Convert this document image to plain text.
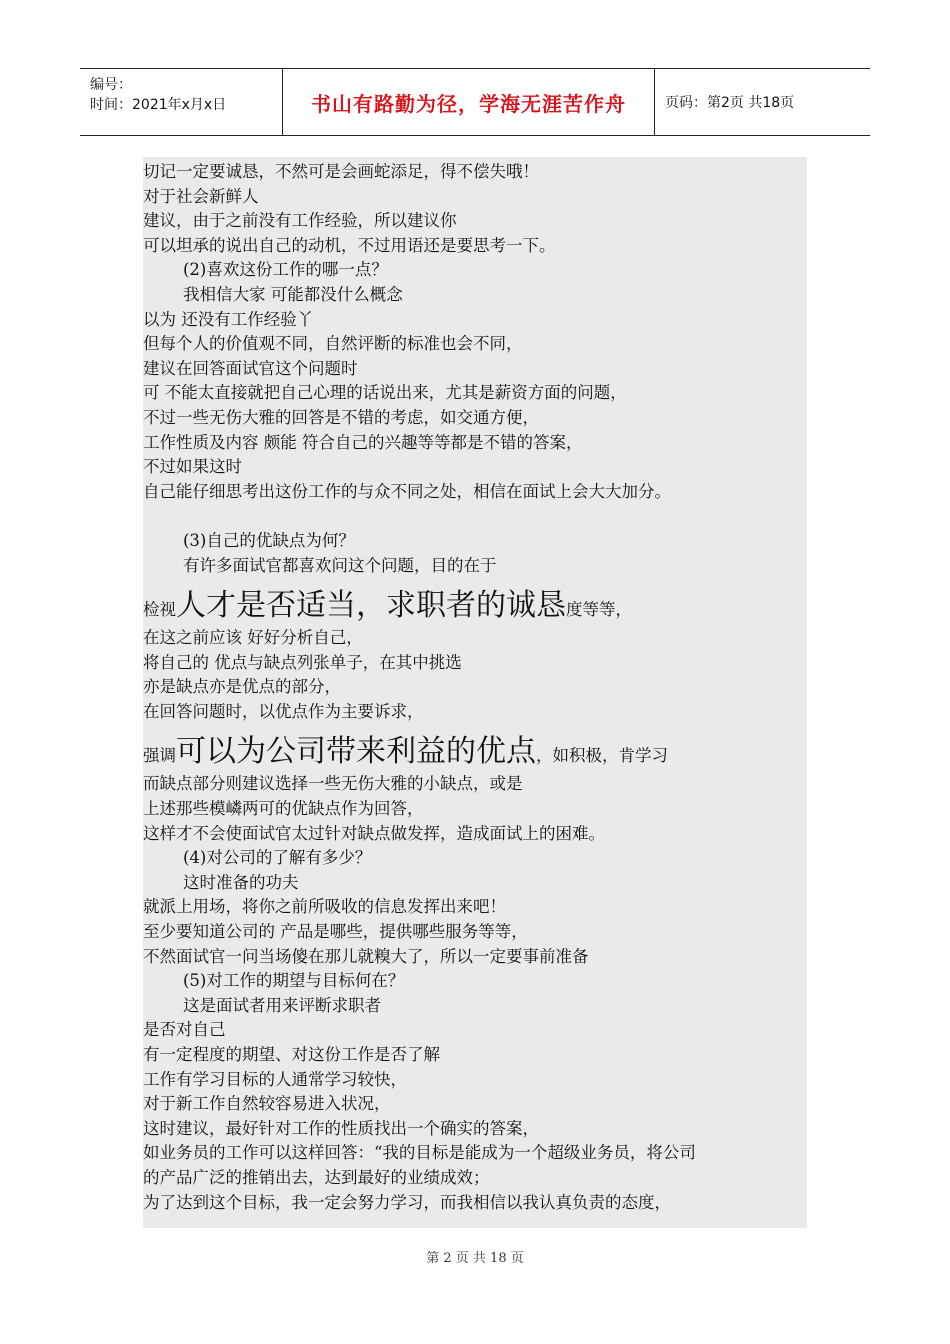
编号：
时间：2021年x月x日	书山有路勤为径，学海无涯苦作舟	页码：第2页 共18页
切记一定要诚恳，不然可是会画蛇添足，得不偿失哦！
对于社会新鲜人
建议，由于之前没有工作经验，所以建议你
可以坦承的说出自己的动机，不过用语还是要思考一下。
(2)喜欢这份工作的哪一点？
我相信大家 可能都没什么概念
以为 还没有工作经验丫
但每个人的价值观不同，自然评断的标准也会不同，
建议在回答面试官这个问题时
可 不能太直接就把自己心理的话说出来，尤其是薪资方面的问题，
不过一些无伤大雅的回答是不错的考虑，如交通方便，
工作性质及内容 颇能 符合自己的兴趣等等都是不错的答案，
不过如果这时
自己能仔细思考出这份工作的与众不同之处，相信在面试上会大大加分。
(3)自己的优缺点为何？
有许多面试官都喜欢问这个问题，目的在于
检视人才是否适当，求职者的诚恳度等等，
在这之前应该 好好分析自己，
将自己的 优点与缺点列张单子，在其中挑选
亦是缺点亦是优点的部分，
在回答问题时，以优点作为主要诉求，
强调可以为公司带来利益的优点，如积极，肯学习
而缺点部分则建议选择一些无伤大雅的小缺点，或是
上述那些模嶙两可的优缺点作为回答，
这样才不会使面试官太过针对缺点做发挥，造成面试上的困难。
(4)对公司的了解有多少？
这时准备的功夫
就派上用场，将你之前所吸收的信息发挥出来吧！
至少要知道公司的 产品是哪些，提供哪些服务等等，
不然面试官一问当场傻在那儿就糗大了，所以一定要事前准备
(5)对工作的期望与目标何在？
这是面试者用来评断求职者
是否对自己
有一定程度的期望、对这份工作是否了解
工作有学习目标的人通常学习较快，
对于新工作自然较容易进入状况，
这时建议，最好针对工作的性质找出一个确实的答案，
如业务员的工作可以这样回答：“我的目标是能成为一个超级业务员，将公司
的产品广泛的推销出去，达到最好的业绩成效；
为了达到这个目标，我一定会努力学习，而我相信以我认真负责的态度，
第 2 页 共 18 页
